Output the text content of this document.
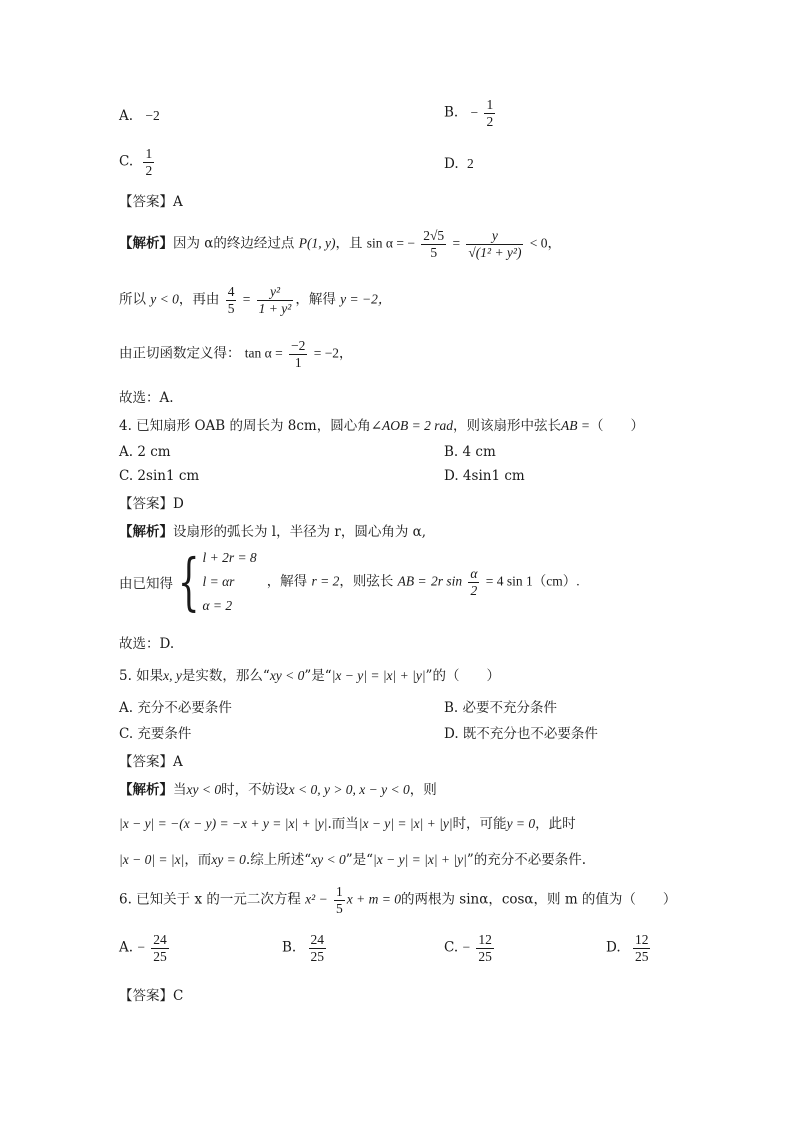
A. −2	B. − $\frac{1}{2}$
C. $\frac{1}{2}$	D. 2
【答案】A
【解析】因为 α的终边经过点 P(1, y)，且 sin α = − $\frac{2√5}{5} = \frac{y}{\text{√(1² + y²)}} < 0$，
所以 y < 0，再由 $\frac{4}{5} = \frac{\text{y²}}{\text{1 + y²}}$ ，解得 y = −2，
由正切函数定义得： $\tan \alpha = \frac{-2}{1} = -2$，
故选：A.
4. 已知扇形 OAB 的周长为 8cm，圆心角∠AOB = 2 rad，则该扇形中弦长AB =（　　）
A. 2 cm	B. 4 cm
C. 2sin1 cm	D. 4sin1 cm
【答案】D
【解析】设扇形的弧长为 l，半径为 r，圆心角为 α,
由已知得{ l + 2r = 8
l = αr
α = 2
，解得 r = 2，则弦长 AB = 2r $\sin \frac{\alpha}{2} = 4$ sin 1（cm）.
故选：D.
5. 如果x, y是实数，那么“xy < 0”是“|x − y| = |x| + |y|”的（　　）
A. 充分不必要条件	B. 必要不充分条件
C. 充要条件	D. 既不充分也不必要条件
【答案】A
【解析】当xy < 0时，不妨设x < 0, y > 0, x − y < 0，则
|x − y| = −(x − y) = −x + y = |x| + |y|.而当|x − y| = |x| + |y|时，可能y = 0，此时
|x − 0| = |x|，而xy = 0.综上所述“xy < 0”是“|x − y| = |x| + |y|”的充分不必要条件.
6. 已知关于 x 的一元二次方程 $x^2 - \frac{1}{5}$ x + m = 0的两根为 sinα，cosα，则 m 的值为（　　）
A. − $\frac{24}{25}$	B. $\frac{24}{25}$	C. − $\frac{12}{25}$	D. $\frac{12}{25}$
【答案】C
